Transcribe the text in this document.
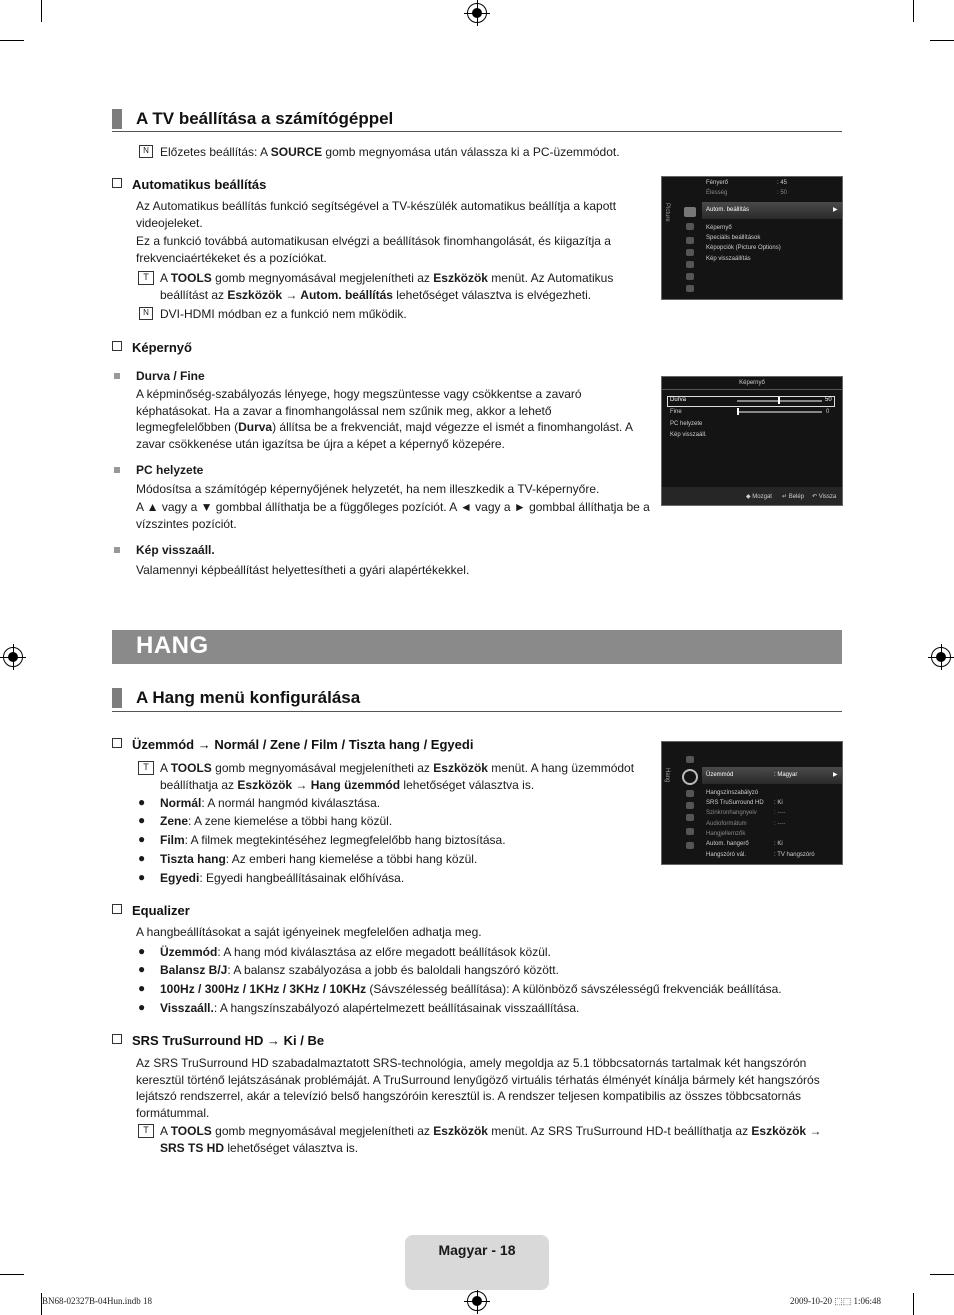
A TV beállítása a számítógéppel
N Előzetes beállítás: A SOURCE gomb megnyomása után válassza ki a PC-üzemmódot.
Automatikus beállítás
Az Automatikus beállítás funkció segítségével a TV-készülék automatikus beállítja a kapott videojeleket.
Ez a funkció továbbá automatikusan elvégzi a beállítások finomhangolását, és kiigazítja a frekvenciaértékeket és a pozíciókat.
T A TOOLS gomb megnyomásával megjelenítheti az Eszközök menüt. Az Automatikus beállítást az Eszközök → Autom. beállítás lehetőséget választva is elvégezheti.
N DVI-HDMI módban ez a funkció nem működik.
Képernyő
Durva / Fine
A képminőség-szabályozás lényege, hogy megszüntesse vagy csökkentse a zavaró képhatásokat. Ha a zavar a finomhangolással nem szűnik meg, akkor a lehető legmegfelelőbben (Durva) állítsa be a frekvenciát, majd végezze el ismét a finomhangolást. A zavar csökkenése után igazítsa be újra a képet a képernyő közepére.
PC helyzete
Módosítsa a számítógép képernyőjének helyzetét, ha nem illeszkedik a TV-képernyőre.
A ▲ vagy a ▼ gombbal állíthatja be a függőleges pozíciót. A ◄ vagy a ► gombbal állíthatja be a vízszintes pozíciót.
Kép visszaáll.
Valamennyi képbeállítást helyettesítheti a gyári alapértékekkel.
Picture
Fényerő	: 45
Élesség	: 50
Autom. beállítás	▶
Képernyő
Speciális beállítások
Képopciók (Picture Options)
Kép visszaállítás
Képernyő
Durva	50
Fine	0
PC helyzete
Kép visszaáll.
◆ Mozgat ↵ Belép ↶ Vissza
HANG
A Hang menü konfigurálása
Üzemmód → Normál / Zene / Film / Tiszta hang / Egyedi
T A TOOLS gomb megnyomásával megjelenítheti az Eszközök menüt. A hang üzemmódot beállíthatja az Eszközök → Hang üzemmód lehetőséget választva is.
● Normál: A normál hangmód kiválasztása.
● Zene: A zene kiemelése a többi hang közül.
● Film: A filmek megtekintéséhez legmegfelelőbb hang biztosítása.
● Tiszta hang: Az emberi hang kiemelése a többi hang közül.
● Egyedi: Egyedi hangbeállításainak előhívása.
Equalizer
A hangbeállításokat a saját igényeinek megfelelően adhatja meg.
● Üzemmód: A hang mód kiválasztása az előre megadott beállítások közül.
● Balansz B/J: A balansz szabályozása a jobb és baloldali hangszóró között.
● 100Hz / 300Hz / 1KHz / 3KHz / 10KHz (Sávszélesség beállítása): A különböző sávszélességű frekvenciák beállítása.
● Visszaáll.: A hangszínszabályozó alapértelmezett beállításainak visszaállítása.
SRS TruSurround HD → Ki / Be
Az SRS TruSurround HD szabadalmaztatott SRS-technológia, amely megoldja az 5.1 többcsatornás tartalmak két hangszórón keresztül történő lejátszásának problémáját. A TruSurround lenyűgöző virtuális térhatás élményét kínálja bármely két hangszórós lejátszó rendszerrel, akár a televízió belső hangszóróin keresztül is. A rendszer teljesen kompatibilis az összes többcsatornás formátummal.
T A TOOLS gomb megnyomásával megjelenítheti az Eszközök menüt. Az SRS TruSurround HD-t beállíthatja az Eszközök →
SRS TS HD lehetőséget választva is.
Hang	Üzemmód	: Magyar	▶
Hangszínszabályzó
SRS TruSurround HD : Ki
Szinkronhangnyelv	: ----
Audioformátum	: ----
Hangjellemzők
Autom. hangerő	: Ki
Hangszóró vál.	: TV hangszóró
Magyar - 18
BN68-02327B-04Hun.indb 18	2009-10-20 ⬚⬚ 1:06:48
